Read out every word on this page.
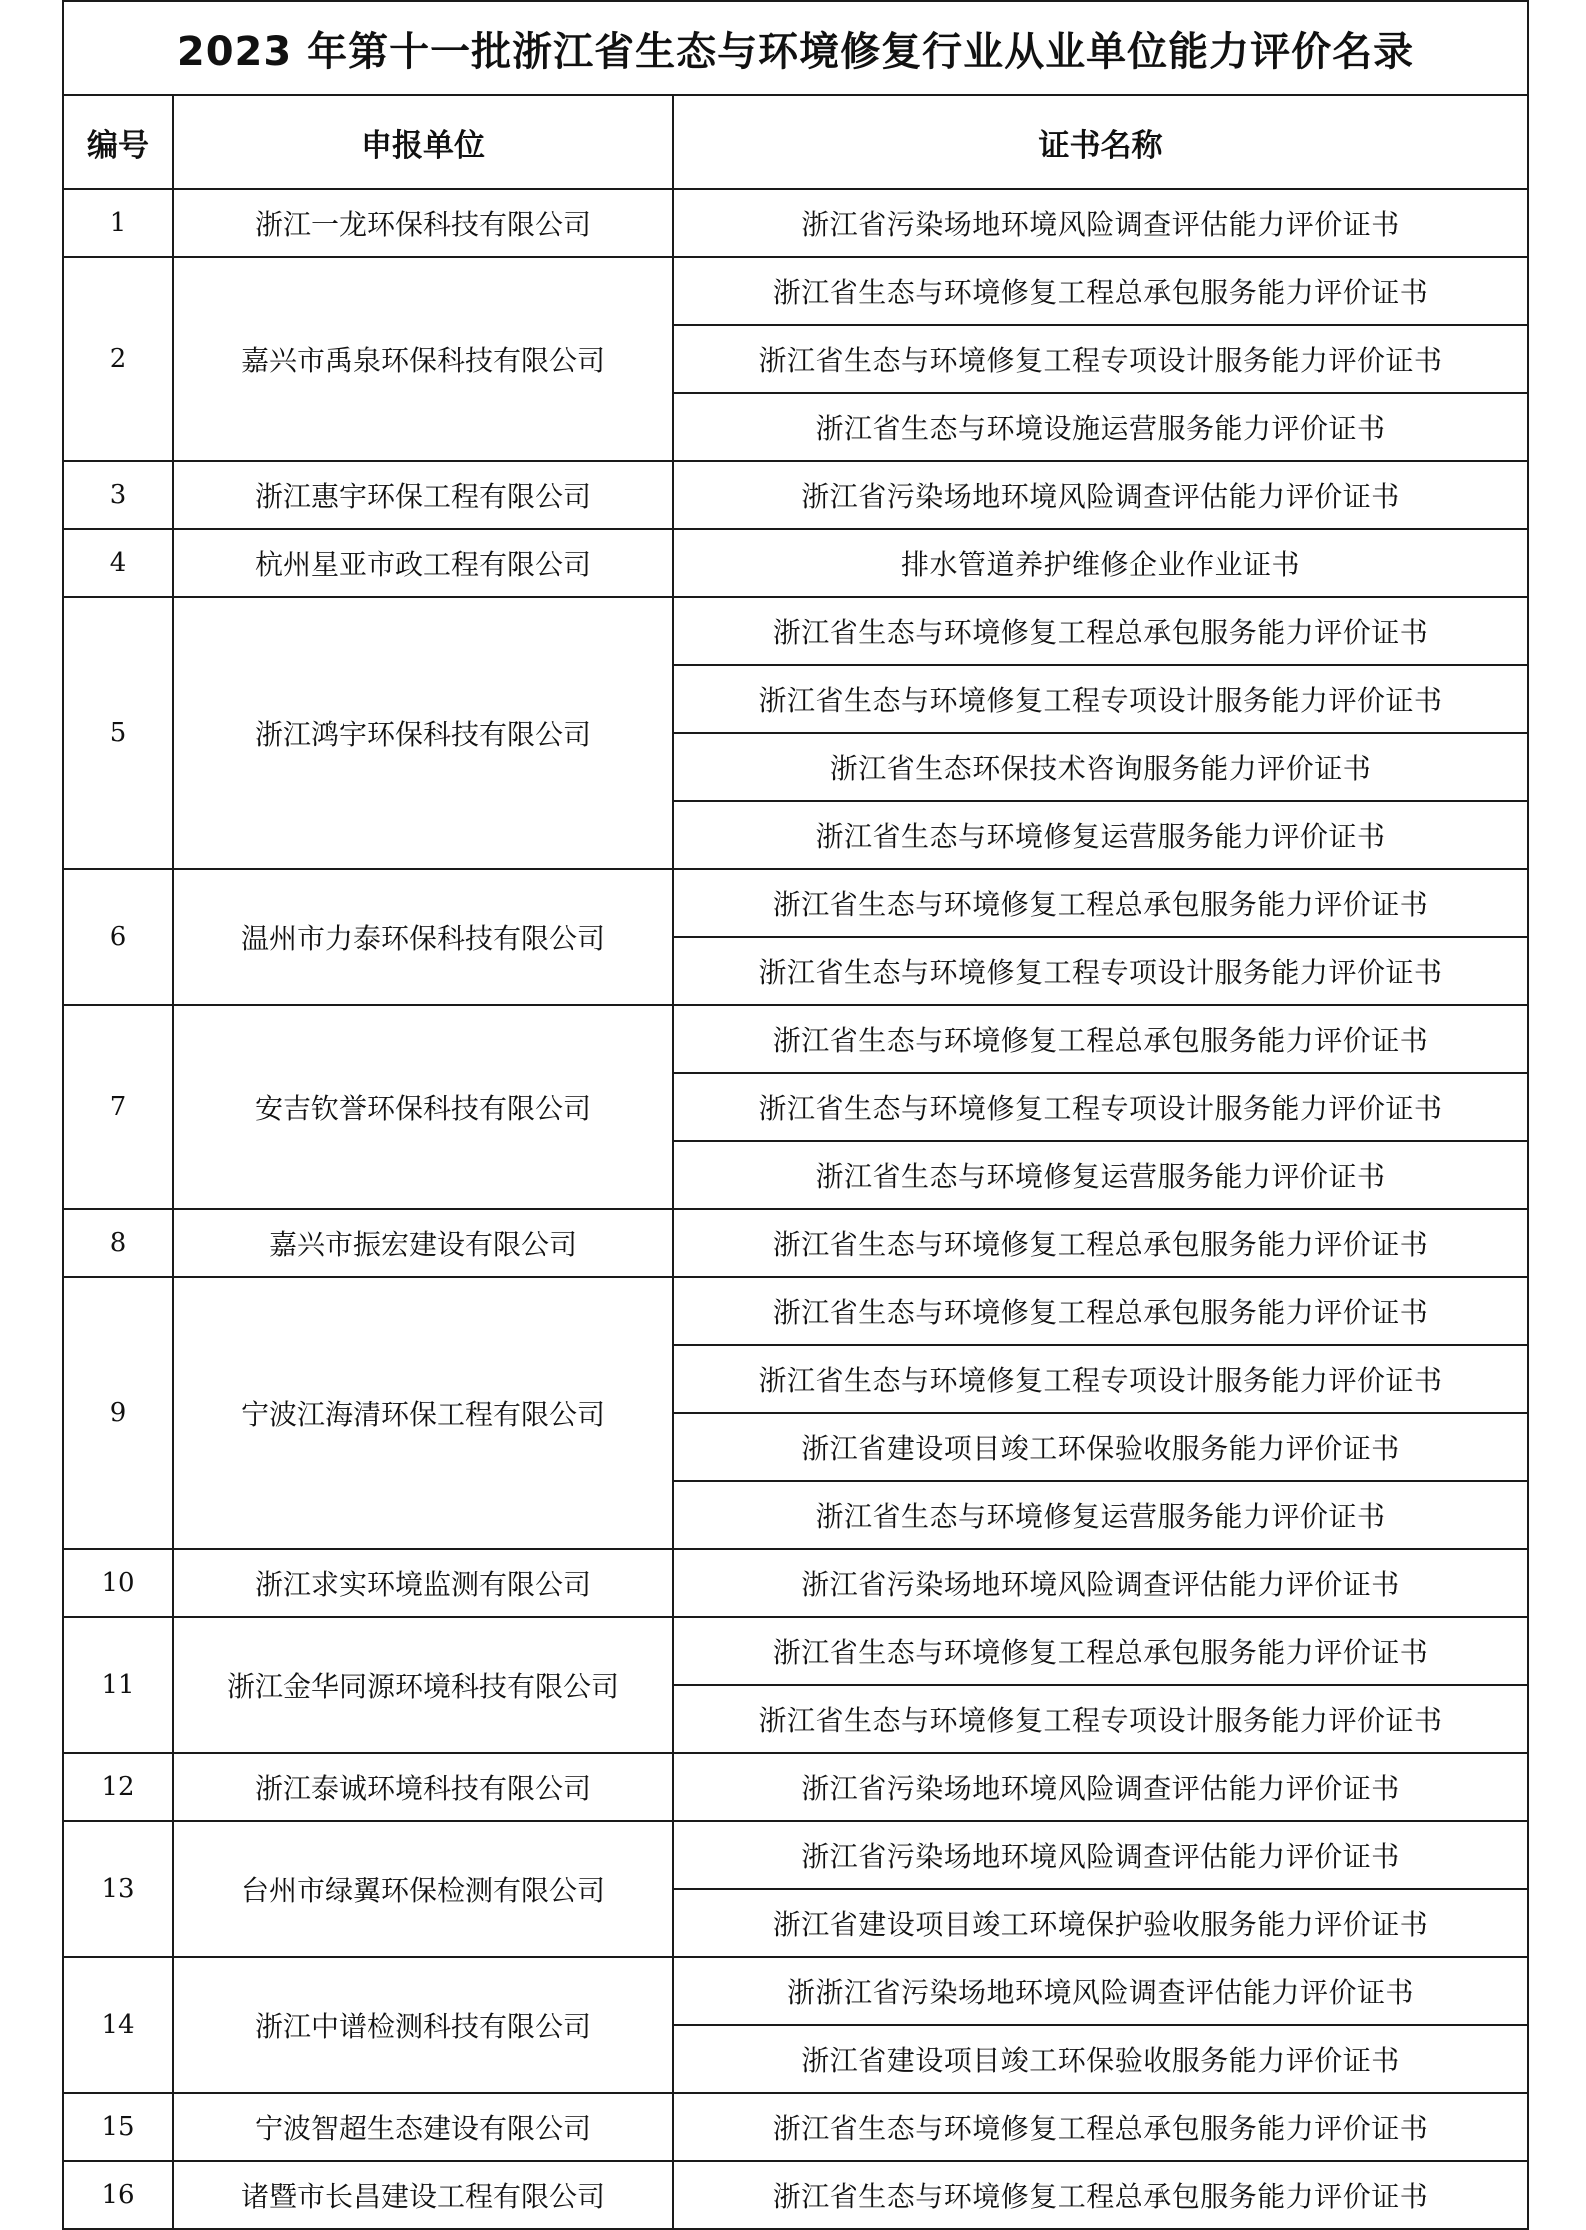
2023 年第十一批浙江省生态与环境修复行业从业单位能力评价名录		
编号	申报单位	证书名称
1	浙江一龙环保科技有限公司	浙江省污染场地环境风险调查评估能力评价证书
2	嘉兴市禹泉环保科技有限公司	浙江省生态与环境修复工程总承包服务能力评价证书
		浙江省生态与环境修复工程专项设计服务能力评价证书
		浙江省生态与环境设施运营服务能力评价证书
3	浙江惠宇环保工程有限公司	浙江省污染场地环境风险调查评估能力评价证书
4	杭州星亚市政工程有限公司	排水管道养护维修企业作业证书
5	浙江鸿宇环保科技有限公司	浙江省生态与环境修复工程总承包服务能力评价证书
		浙江省生态与环境修复工程专项设计服务能力评价证书
		浙江省生态环保技术咨询服务能力评价证书
		浙江省生态与环境修复运营服务能力评价证书
6	温州市力泰环保科技有限公司	浙江省生态与环境修复工程总承包服务能力评价证书
		浙江省生态与环境修复工程专项设计服务能力评价证书
7	安吉钦誉环保科技有限公司	浙江省生态与环境修复工程总承包服务能力评价证书
		浙江省生态与环境修复工程专项设计服务能力评价证书
		浙江省生态与环境修复运营服务能力评价证书
8	嘉兴市振宏建设有限公司	浙江省生态与环境修复工程总承包服务能力评价证书
9	宁波江海清环保工程有限公司	浙江省生态与环境修复工程总承包服务能力评价证书
		浙江省生态与环境修复工程专项设计服务能力评价证书
		浙江省建设项目竣工环保验收服务能力评价证书
		浙江省生态与环境修复运营服务能力评价证书
10	浙江求实环境监测有限公司	浙江省污染场地环境风险调查评估能力评价证书
11	浙江金华同源环境科技有限公司	浙江省生态与环境修复工程总承包服务能力评价证书
		浙江省生态与环境修复工程专项设计服务能力评价证书
12	浙江泰诚环境科技有限公司	浙江省污染场地环境风险调查评估能力评价证书
13	台州市绿翼环保检测有限公司	浙江省污染场地环境风险调查评估能力评价证书
		浙江省建设项目竣工环境保护验收服务能力评价证书
14	浙江中谱检测科技有限公司	浙浙江省污染场地环境风险调查评估能力评价证书
		浙江省建设项目竣工环保验收服务能力评价证书
15	宁波智超生态建设有限公司	浙江省生态与环境修复工程总承包服务能力评价证书
16	诸暨市长昌建设工程有限公司	浙江省生态与环境修复工程总承包服务能力评价证书
